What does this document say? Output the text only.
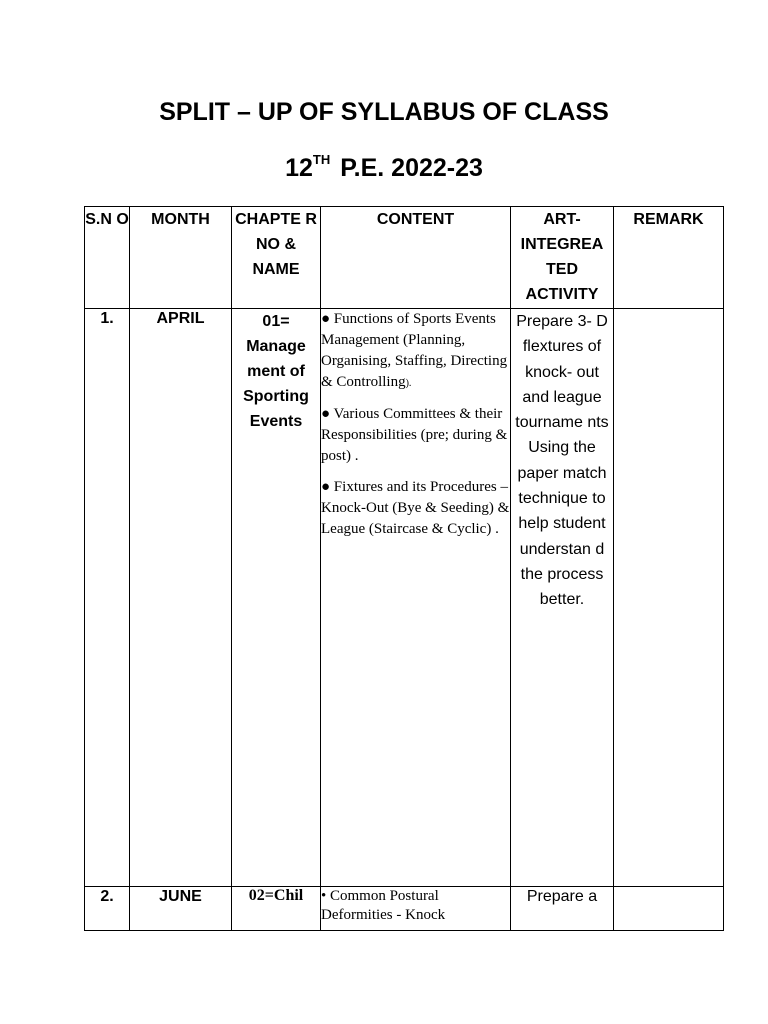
SPLIT – UP OF SYLLABUS OF CLASS
12TH P.E. 2022-23
S.N O	MONTH	CHAPTE R NO & NAME	CONTENT	ART- INTEGREA TED ACTIVITY	REMARK
1.	APRIL	01= Manage ment of Sporting Events	● Functions of Sports Events Management (Planning, Organising, Staffing, Directing & Controlling).

● Various Committees & their Responsibilities (pre; during & post) .

● Fixtures and its Procedures – Knock-Out (Bye & Seeding) & League (Staircase & Cyclic) .	Prepare 3- D flextures of knock- out and league tourname nts Using the paper match technique to help student understan d the process better.	
2.	JUNE	02=Chil	• Common Postural Deformities - Knock	Prepare a	
